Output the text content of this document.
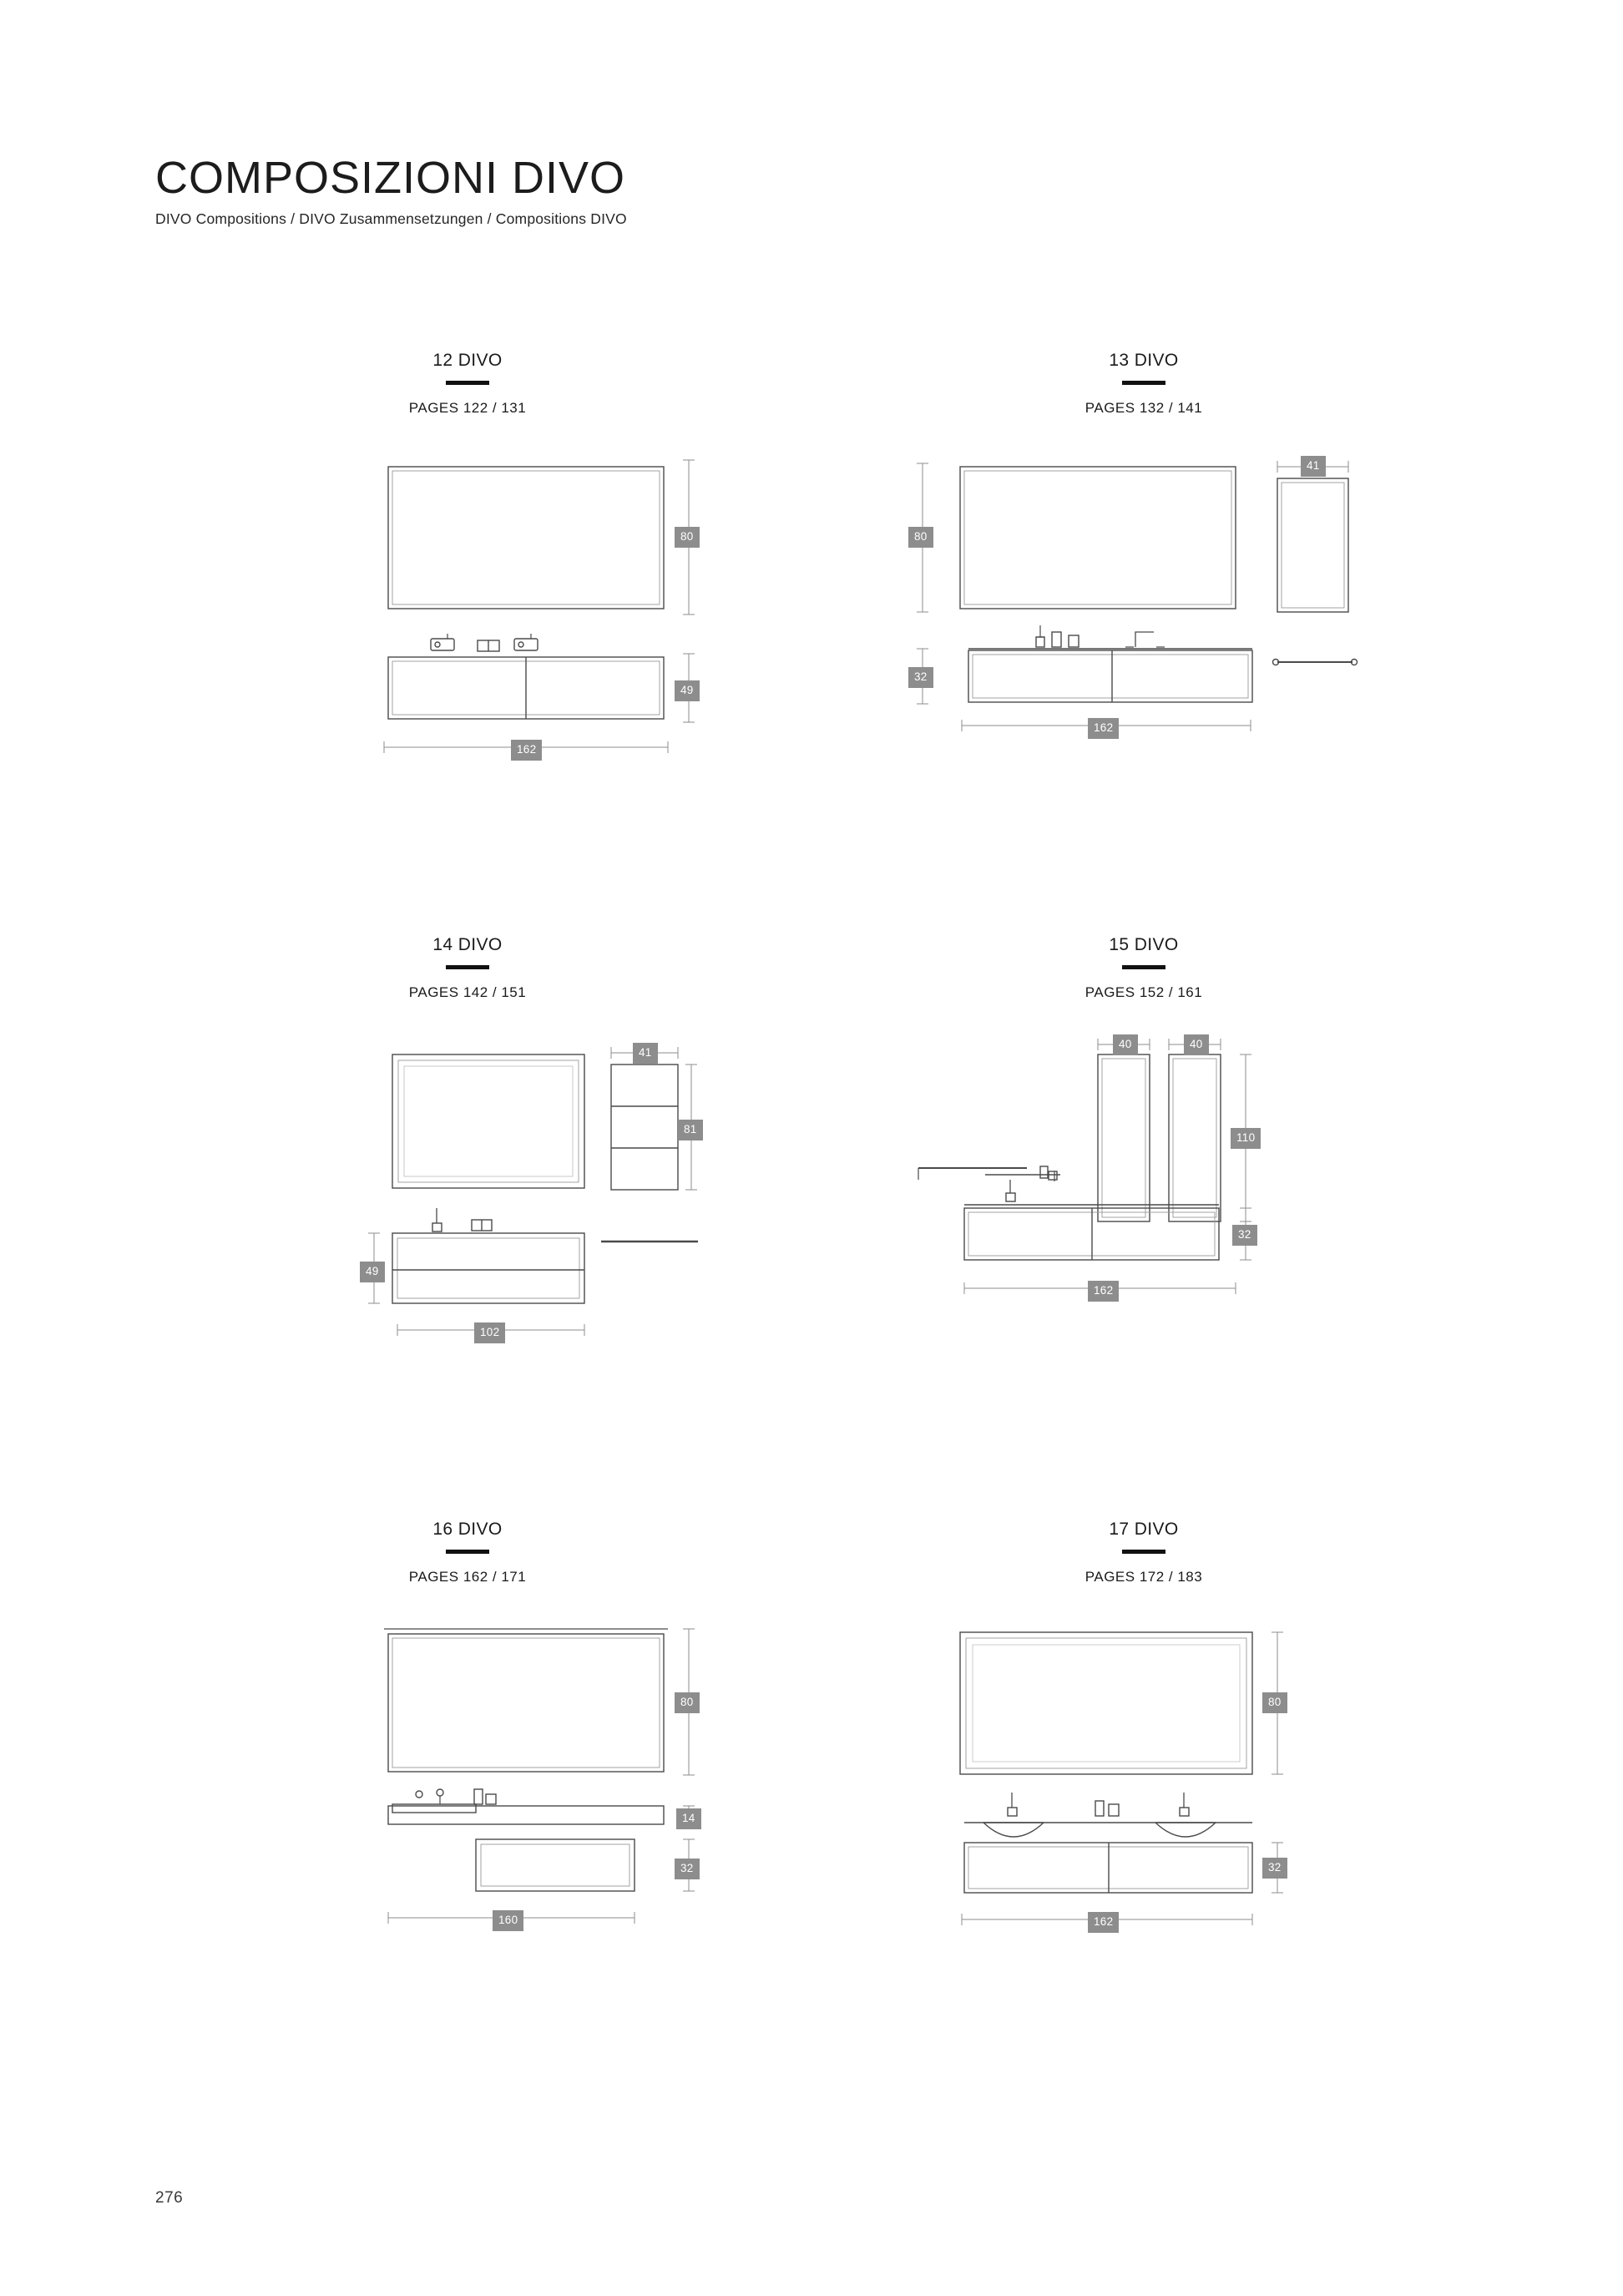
COMPOSIZIONI DIVO
DIVO Compositions / DIVO Zusammensetzungen / Compositions DIVO
12 DIVO
PAGES 122 / 131
80
49
162
13 DIVO
PAGES 132 / 141
41
80
32
162
14 DIVO
PAGES 142 / 151
41
81
49
102
15 DIVO
PAGES 152 / 161
40	40
110
32
162
16 DIVO
PAGES 162 / 171
80
14
32
160
17 DIVO
PAGES 172 / 183
80
32
162
276
